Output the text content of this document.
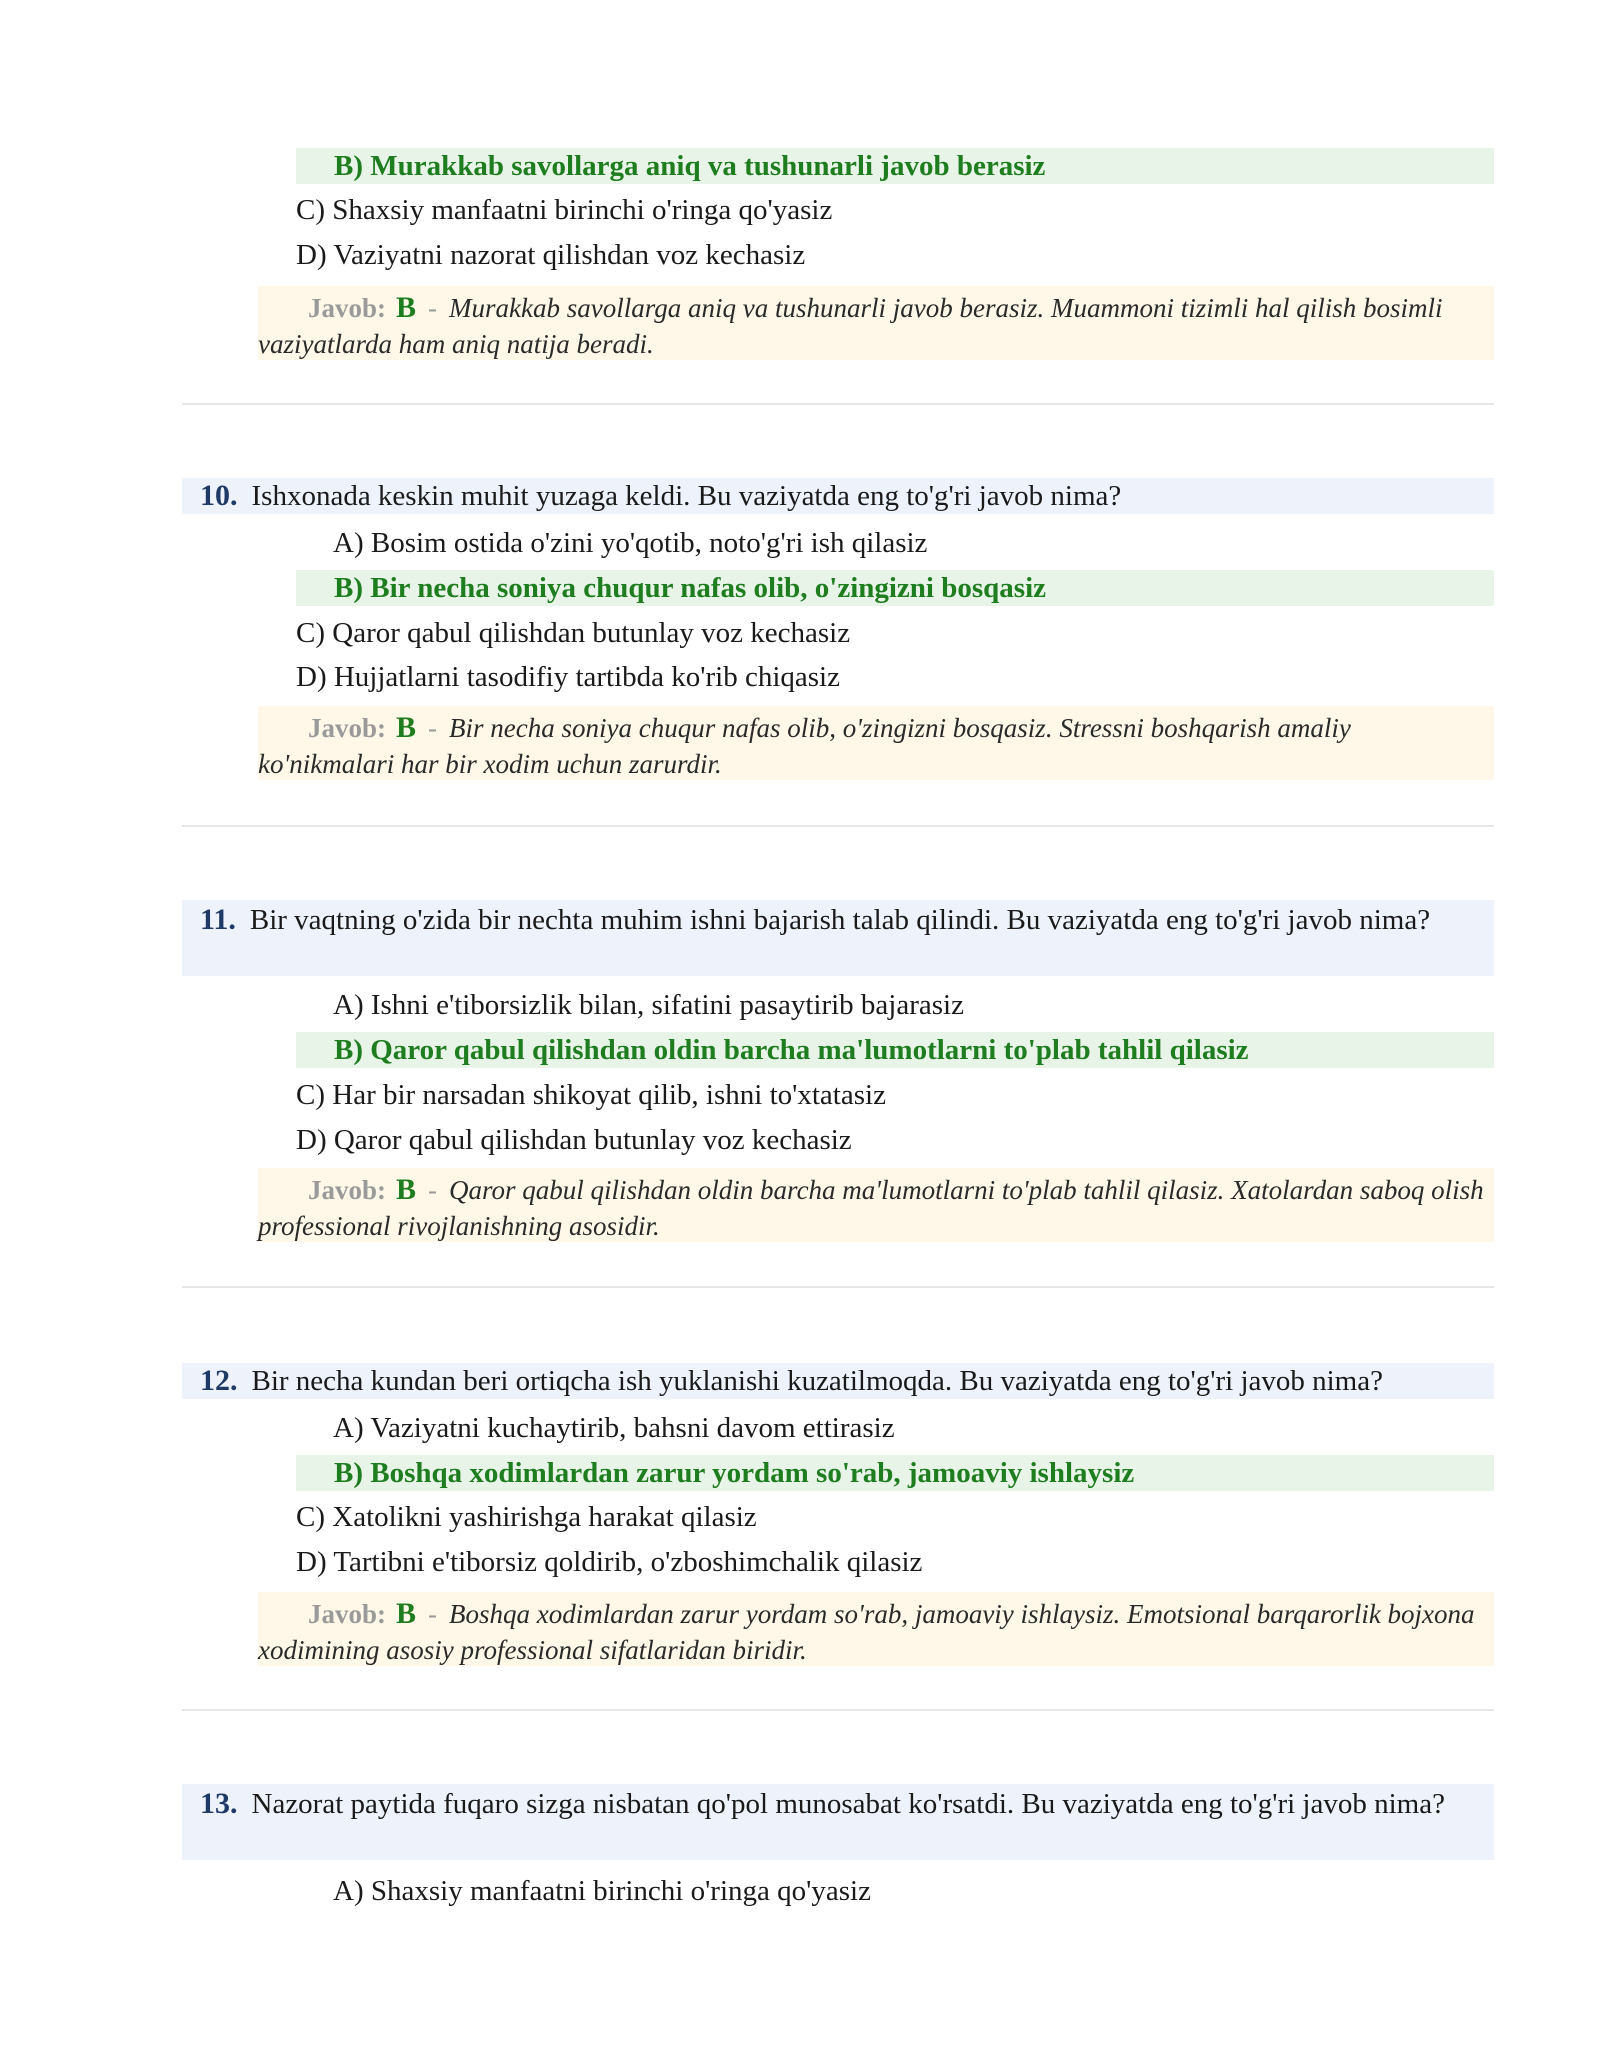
B) Murakkab savollarga aniq va tushunarli javob berasiz
C) Shaxsiy manfaatni birinchi o'ringa qo'yasiz
D) Vaziyatni nazorat qilishdan voz kechasiz
Javob: B - Murakkab savollarga aniq va tushunarli javob berasiz. Muammoni tizimli hal qilish bosimli vaziyatlarda ham aniq natija beradi.
10. Ishxonada keskin muhit yuzaga keldi. Bu vaziyatda eng to'g'ri javob nima?
A) Bosim ostida o'zini yo'qotib, noto'g'ri ish qilasiz
B) Bir necha soniya chuqur nafas olib, o'zingizni bosqasiz
C) Qaror qabul qilishdan butunlay voz kechasiz
D) Hujjatlarni tasodifiy tartibda ko'rib chiqasiz
Javob: B - Bir necha soniya chuqur nafas olib, o'zingizni bosqasiz. Stressni boshqarish amaliy ko'nikmalari har bir xodim uchun zarurdir.
11. Bir vaqtning o'zida bir nechta muhim ishni bajarish talab qilindi. Bu vaziyatda eng to'g'ri javob nima?
A) Ishni e'tiborsizlik bilan, sifatini pasaytirib bajarasiz
B) Qaror qabul qilishdan oldin barcha ma'lumotlarni to'plab tahlil qilasiz
C) Har bir narsadan shikoyat qilib, ishni to'xtatasiz
D) Qaror qabul qilishdan butunlay voz kechasiz
Javob: B - Qaror qabul qilishdan oldin barcha ma'lumotlarni to'plab tahlil qilasiz. Xatolardan saboq olish professional rivojlanishning asosidir.
12. Bir necha kundan beri ortiqcha ish yuklanishi kuzatilmoqda. Bu vaziyatda eng to'g'ri javob nima?
A) Vaziyatni kuchaytirib, bahsni davom ettirasiz
B) Boshqa xodimlardan zarur yordam so'rab, jamoaviy ishlaysiz
C) Xatolikni yashirishga harakat qilasiz
D) Tartibni e'tiborsiz qoldirib, o'zboshimchalik qilasiz
Javob: B - Boshqa xodimlardan zarur yordam so'rab, jamoaviy ishlaysiz. Emotsional barqarorlik bojxona xodimining asosiy professional sifatlaridan biridir.
13. Nazorat paytida fuqaro sizga nisbatan qo'pol munosabat ko'rsatdi. Bu vaziyatda eng to'g'ri javob nima?
A) Shaxsiy manfaatni birinchi o'ringa qo'yasiz
